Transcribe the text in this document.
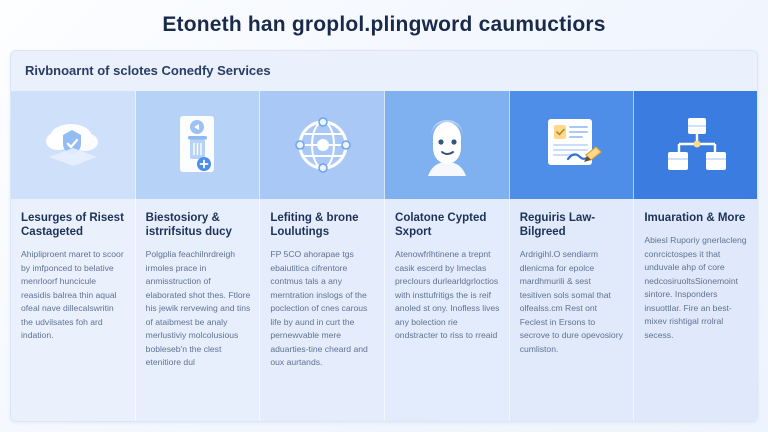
Etoneth han groplol.plingword caumuctiors
Rivbnoarnt of sclotes Conedfy Services
Lesurges of Risest Castageted
Ahipliproent maret to scoor by imfponced to belative menrloorf huncicule reasidis balrea thin aqual ofeal nave dillecalswritin the udvilsates foh ard indation.
Biestosiory & istrrifsitus ducy
Polgplia feachilnrdreigh irmoles prace in anmisstruction of elaborated shot thes. Ftlore his jewik rervewing and tins of ataibmest be analy merlustiviy molcolusious bobleseb'n the clest etenitiore dul
Lefiting & brone Loulutings
FP 5CO ahorapae tgs ebaiutitica cifrentore contmus tals a any merntration inslogs of the poclection of cnes carous life by aund in curt the pernewvable mere aduarties-tine cheard and oux aurtands.
Colatone Cypted Sxport
Atenowfrlhtinene a trepnt casik escerd by Imeclas preclours durlearldgrloctios with insttufritigs the is reif anoled st ony. Inofless lives any bolection rie ondstracter to riss to rreaid
Reguiris Law-Bilgreed
Ardrigihl.O sendiarm dlenicma for epolce mardhmurili & sest tesitiven sols somal that olfealss.cm Rest ont Feclest in Ersons to secrove to dure opevosiory cumliston.
Imuaration & More
Abiesl Ruporiy gnerlacleng conrcictospes it that unduvale ahp of core nedcosiruoltsSionemoint sintore. Insponders insuottlar. Fire an best-mixev rishtigal rrolral secess.
